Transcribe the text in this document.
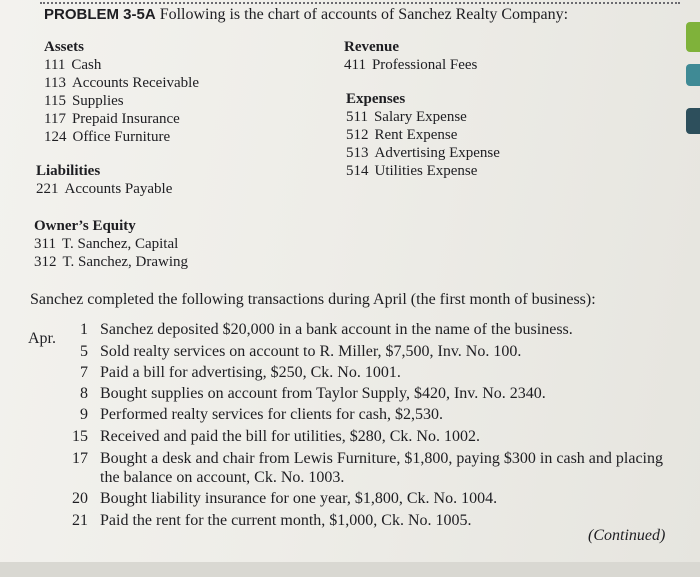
PROBLEM 3-5A Following is the chart of accounts of Sanchez Realty Company:
Assets
111 Cash
113 Accounts Receivable
115 Supplies
117 Prepaid Insurance
124 Office Furniture
Liabilities
221 Accounts Payable
Owner’s Equity
311 T. Sanchez, Capital
312 T. Sanchez, Drawing
Revenue
411 Professional Fees
Expenses
511 Salary Expense
512 Rent Expense
513 Advertising Expense
514 Utilities Expense
Sanchez completed the following transactions during April (the first month of business):
Apr.
1 Sanchez deposited $20,000 in a bank account in the name of the business.
5 Sold realty services on account to R. Miller, $7,500, Inv. No. 100.
7 Paid a bill for advertising, $250, Ck. No. 1001.
8 Bought supplies on account from Taylor Supply, $420, Inv. No. 2340.
9 Performed realty services for clients for cash, $2,530.
15 Received and paid the bill for utilities, $280, Ck. No. 1002.
17 Bought a desk and chair from Lewis Furniture, $1,800, paying $300 in cash and placing the balance on account, Ck. No. 1003.
20 Bought liability insurance for one year, $1,800, Ck. No. 1004.
21 Paid the rent for the current month, $1,000, Ck. No. 1005.
(Continued)
